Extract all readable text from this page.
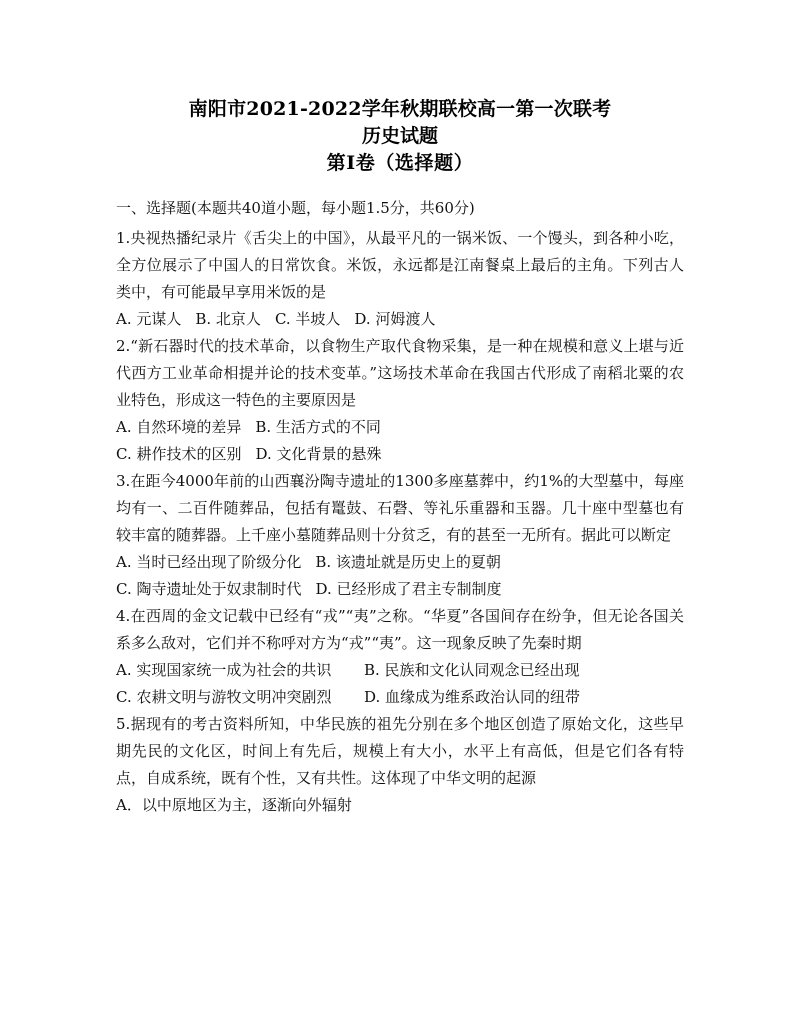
南阳市2021-2022学年秋期联校高一第一次联考
历史试题
第I卷（选择题）
一、选择题(本题共40道小题，每小题1.5分，共60分)

1.央视热播纪录片《舌尖上的中国》，从最平凡的一锅米饭、一个馒头，到各种小吃，全方位展示了中国人的日常饮食。米饭，永远都是江南餐桌上最后的主角。下列古人类中，有可能最早享用米饭的是

A. 元谋人 B. 北京人 C. 半坡人 D. 河姆渡人

2.“新石器时代的技术革命，以食物生产取代食物采集，是一种在规模和意义上堪与近代西方工业革命相提并论的技术变革。”这场技术革命在我国古代形成了南稻北粟的农业特色，形成这一特色的主要原因是

A. 自然环境的差异 B. 生活方式的不同
C. 耕作技术的区别 D. 文化背景的悬殊

3.在距今4000年前的山西襄汾陶寺遗址的1300多座墓葬中，约1%的大型墓中，每座均有一、二百件随葬品，包括有鼍鼓、石磬、等礼乐重器和玉器。几十座中型墓也有较丰富的随葬器。上千座小墓随葬品则十分贫乏，有的甚至一无所有。据此可以断定

A. 当时已经出现了阶级分化 B. 该遗址就是历史上的夏朝
C. 陶寺遗址处于奴隶制时代 D. 已经形成了君主专制制度

4.在西周的金文记载中已经有“戎”“夷”之称。“华夏”各国间存在纷争，但无论各国关系多么敌对，它们并不称呼对方为“戎”“夷”。这一现象反映了先秦时期

A. 实现国家统一成为社会的共识 B. 民族和文化认同观念已经出现
C. 农耕文明与游牧文明冲突剧烈 D. 血缘成为维系政治认同的纽带

5.据现有的考古资料所知，中华民族的祖先分别在多个地区创造了原始文化，这些早期先民的文化区，时间上有先后，规模上有大小，水平上有高低，但是它们各有特点，自成系统，既有个性，又有共性。这体现了中华文明的起源

A．以中原地区为主，逐渐向外辐射
